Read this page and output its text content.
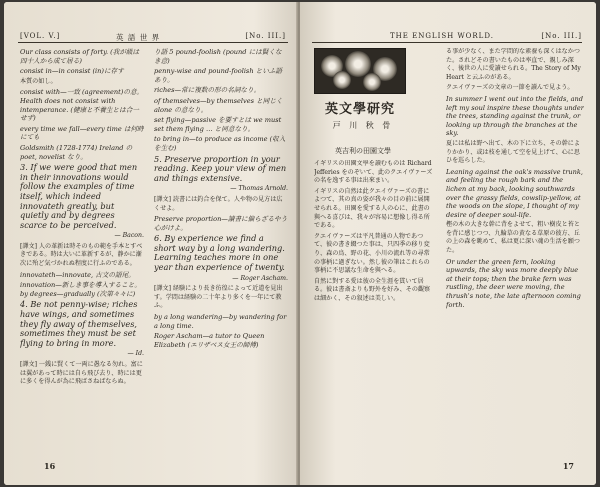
[VOL. V.]	英 語 世 界	[No. III.]

Our class consists of forty. (我が級は四十人から成て居る)

consist in—in consist (in)に存す

本質の如し。

consist with—一致 (agreement)の意。 Health does not consist with intemperance. (健康と不養生とは合一せず)

every time we fall—every time は何時にても

Goldsmith (1728-1774) Ireland の poet, novelist なり。

3. If we were good that men in their innovations would follow the examples of time itself, which indeed innovateth greatly, but quietly and by degrees scarce to be perceived.

— Bacon.

[譯文] 人の革新は時そのもの範を手本とすべきである。時は大いに革新するが、静かに漸次に殆ど気づかれぬ程度に行ふのである。

innovateth—innovate, 古文の語尾。

innovation—新しき事を導入すること。by degrees—gradually (次第々々に)

4. Be not penny-wise; riches have wings, and sometimes they fly away of themselves, sometimes they must be set flying to bring in more.

— Id.

[譯文] 一銭に賢くて一両に愚なる勿れ。富には翼があって時には自ら飛び去り、時には更に多くを得んが為に飛ばさねばならぬ。

り語 5 pound-foolish (pound には賢くなき意)

penny-wise and pound-foolish といふ語あり。

riches—常に複数の形の名詞なり。

of themselves—by themselves と同じく alone の意なり。

set flying—passive を要すとは we must set them flying … と同意なり。

to bring in—to produce as income (収入を生む)

5. Preserve proportion in your reading. Keep your view of men and things extensive.

— Thomas Arnold.

[譯文] 読書には釣合を保て。人や物の見方は広くせよ。

Preserve proportion—讀書に偏らざるやう心がけよ。

6. By experience we find a short way by a long wandering. Learning teaches more in one year than experience of twenty.

— Roger Ascham.

[譯文] 経験により長き彷徨によって近道を見出す。学問は経験の二十年より多くを一年にて教ふ。

by a long wandering—by wandering for a long time.

Roger Ascham—a tutor to Queen Elizabeth (エリザベス女王の師傅)

16
THE ENGLISH WORLD.	[No. III.]
英文學研究
戸 川 秋 骨
英吉利の田園文學

イギリスの田園文學を讀むものは Richard Jefferies をのぞいて、此のクエイヴァーズの名を逸する事は出來まい。

イギリスの自然は此クエイヴァーズの書によつて、其の真の姿が我々の目の前に展開せられる。田園を愛する人の心に、此書の與へる喜びは、我々が容易に想像し得る所である。

クエイヴァーズは平凡普通の人物であつて、彼の書き綴つた事は、只四季の移り変り、森の鳥、野の花、小川の流れ等の尋常の事柄に過ぎない。然し彼の筆はこれらの事柄に不思議な生命を與へる。

自然に對する愛は彼の全生涯を貫いて居る。彼は書斎よりも野外を好み、その觀察は細かく、その叙述は美しい。

る事が少なく、また学問的な素養も深くはなかつた。されどその書いたものは率直で、親しみ深く、後世の人に愛讀せられる。The Story of My Heart と云ふのがある。

クエイヴァーズの文章の一節を讀んで見よう。

In summer I went out into the fields, and left my soul inspire these thoughts under the trees, standing against the trunk, or looking up through the branches at the sky.

夏には私は野へ出て、木の下に立ち、その幹によりかかり、或は枝を通して空を見上げて、心に思ひを巡らした。

Leaning against the oak's massive trunk, and feeling the rough bark and the lichen at my back, looking southwards over the grassy fields, cowslip-yellow, at the woods on the slope, I thought of my desire of deeper soul-life.

樫の木の大きな幹に背をよせて、粗い樹皮と苔とを背に感じつつ、九輪草の黄なる草原の彼方、丘の上の森を眺めて、私は更に深い魂の生活を願つた。

Or under the green fern, looking upwards, the sky was more deeply blue at their tops; then the brake fern was rustling, the deer were moving, the thrush's note, the late afternoon coming forth.

17
